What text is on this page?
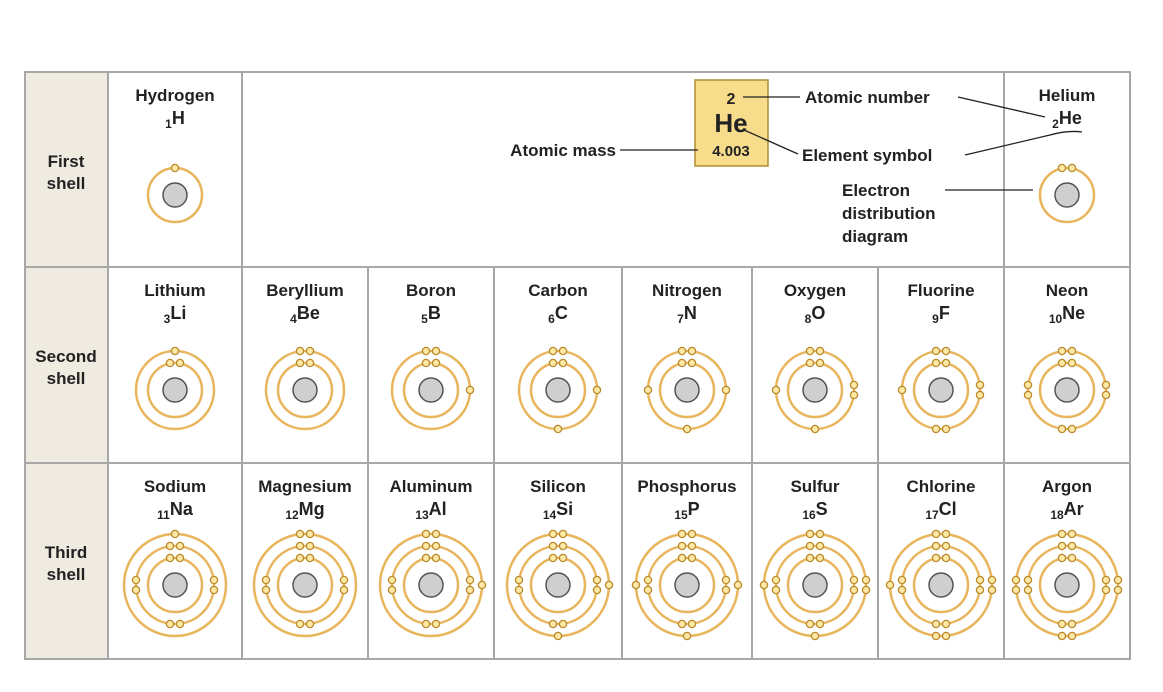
First
shell
Second
shell
Third
shell
2
He
4.003
Atomic number
Element symbol
Atomic mass
Electron
distribution
diagram
Hydrogen
$_1$H
Helium
$_2$He
Lithium
$_3$Li
Beryllium
$_4$Be
Boron
$_5$B
Carbon
$_6$C
Nitrogen
$_7$N
Oxygen
$_8$O
Fluorine
$_9$F
Neon
$_{10}$Ne
Sodium
$_{11}$Na
Magnesium
$_{12}$Mg
Aluminum
$_{13}$Al
Silicon
$_{14}$Si
Phosphorus
$_{15}$P
Sulfur
$_{16}$S
Chlorine
$_{17}$Cl
Argon
$_{18}$Ar
